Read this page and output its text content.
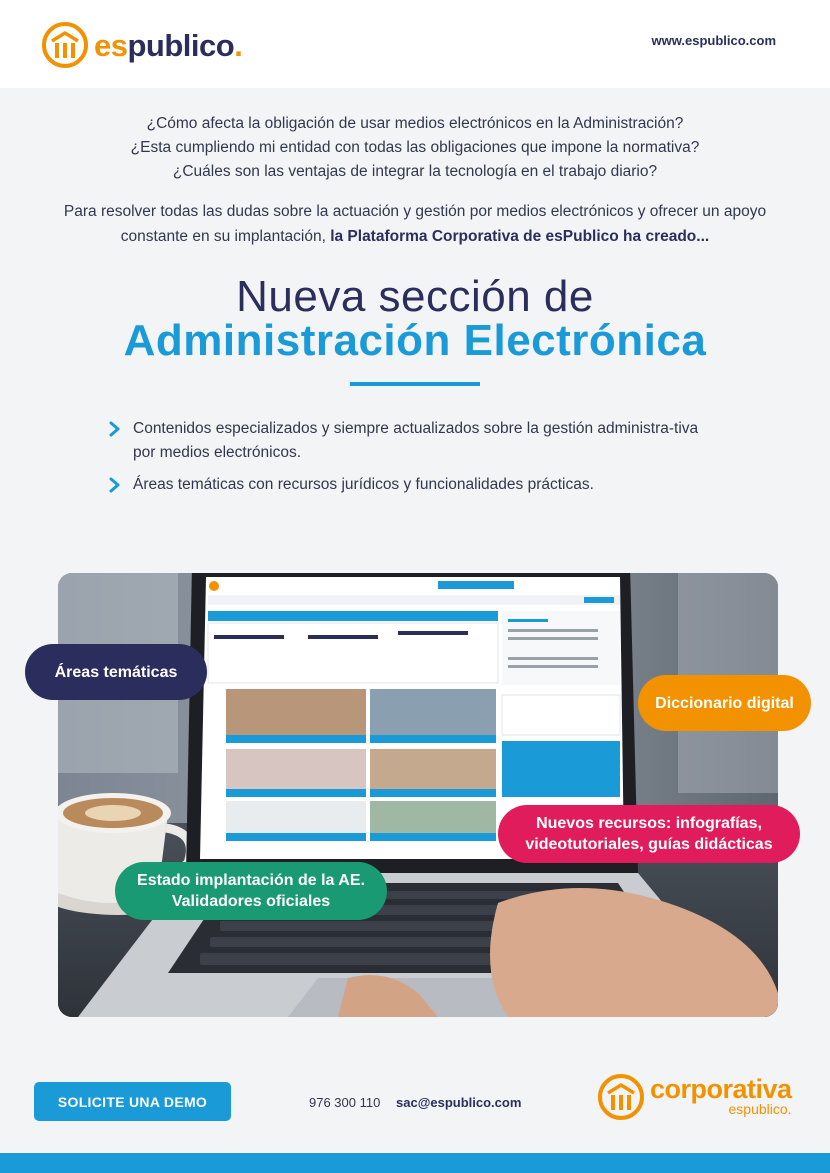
espublico.	www.espublico.com
¿Cómo afecta la obligación de usar medios electrónicos en la Administración?
¿Esta cumpliendo mi entidad con todas las obligaciones que impone la normativa?
¿Cuáles son las ventajas de integrar la tecnología en el trabajo diario?
Para resolver todas las dudas sobre la actuación y gestión por medios electrónicos y ofrecer un apoyo
constante en su implantación, la Plataforma Corporativa de esPublico ha creado...
Nueva sección de
Administración Electrónica
Contenidos especializados y siempre actualizados sobre la gestión administra-tiva por medios electrónicos.
Áreas temáticas con recursos jurídicos y funcionalidades prácticas.
Áreas temáticas
Diccionario digital
Nuevos recursos: infografías,
videotutoriales, guías didácticas
Estado implantación de la AE.
Validadores oficiales
SOLICITE UNA DEMO	976 300 110 sac@espublico.com	corporativa
espublico.
